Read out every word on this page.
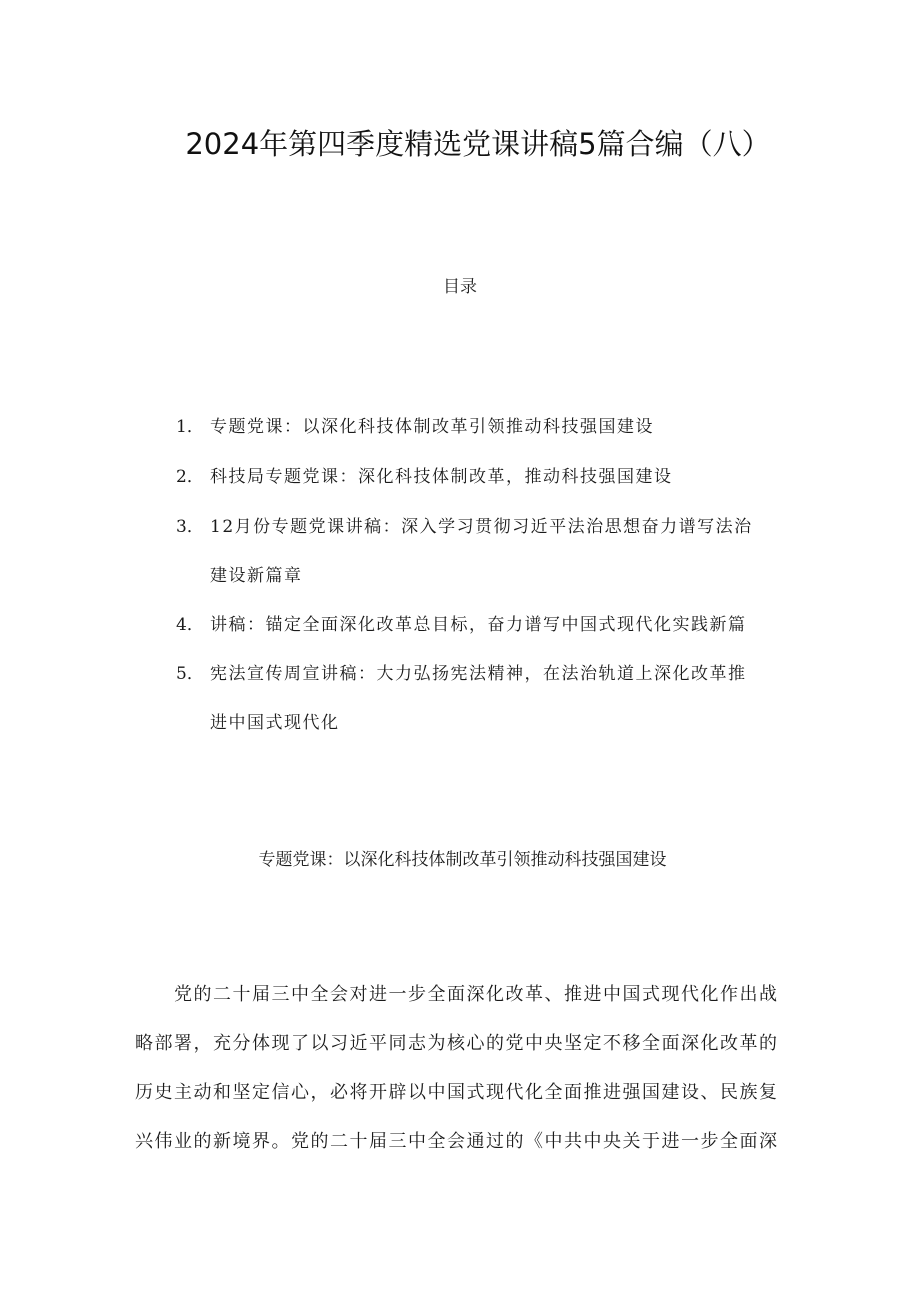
2024年第四季度精选党课讲稿5篇合编（八）
目录
1． 专题党课：以深化科技体制改革引领推动科技强国建设
2． 科技局专题党课：深化科技体制改革，推动科技强国建设
3． 12月份专题党课讲稿：深入学习贯彻习近平法治思想奋力谱写法治
建设新篇章
4． 讲稿：锚定全面深化改革总目标，奋力谱写中国式现代化实践新篇
5． 宪法宣传周宣讲稿：大力弘扬宪法精神，在法治轨道上深化改革推
进中国式现代化
专题党课：以深化科技体制改革引领推动科技强国建设
党的二十届三中全会对进一步全面深化改革、推进中国式现代化作出战
略部署，充分体现了以习近平同志为核心的党中央坚定不移全面深化改革的
历史主动和坚定信心，必将开辟以中国式现代化全面推进强国建设、民族复
兴伟业的新境界。党的二十届三中全会通过的《中共中央关于进一步全面深
